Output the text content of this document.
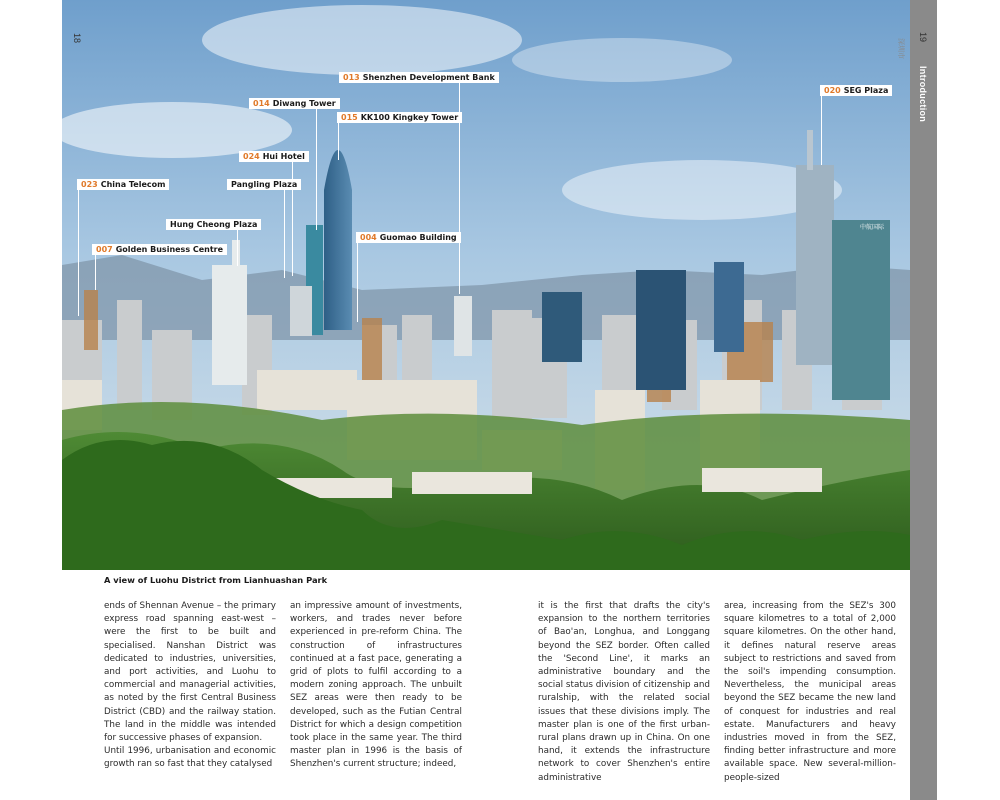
中航国际
013 Shenzhen Development Bank
014 Diwang Tower
015 KK100 Kingkey Tower
024 Hui Hotel
023 China Telecom	Pangling Plaza
Hung Cheong Plaza
007 Golden Business Centre
004 Guomao Building
020 SEG Plaza
18	深圳市
19
Introduction
A view of Luohu District from Lianhuashan Park

ends of Shennan Avenue – the primary express road spanning east-west – were the first to be built and specialised. Nanshan District was dedicated to industries, universities, and port activities, and Luohu to commercial and managerial activities, as noted by the first Central Business District (CBD) and the railway station. The land in the middle was intended for successive phases of expansion.
Until 1996, urbanisation and economic growth ran so fast that they catalysed

an impressive amount of investments, workers, and trades never before experienced in pre-reform China. The construction of infrastructures continued at a fast pace, generating a grid of plots to fulfil according to a modern zoning approach. The unbuilt SEZ areas were then ready to be developed, such as the Futian Central District for which a design competition took place in the same year. The third master plan in 1996 is the basis of Shenzhen's current structure; indeed,

it is the first that drafts the city's expansion to the northern territories of Bao'an, Longhua, and Longgang beyond the SEZ border. Often called the 'Second Line', it marks an administrative boundary and the social status division of citizenship and ruralship, with the related social issues that these divisions imply. The master plan is one of the first urban-rural plans drawn up in China. On one hand, it extends the infrastructure network to cover Shenzhen's entire administrative

area, increasing from the SEZ's 300 square kilometres to a total of 2,000 square kilometres. On the other hand, it defines natural reserve areas subject to restrictions and saved from the soil's impending consumption. Nevertheless, the municipal areas beyond the SEZ became the new land of conquest for industries and real estate. Manufacturers and heavy industries moved in from the SEZ, finding better infrastructure and more available space. New several-million-people-sized
